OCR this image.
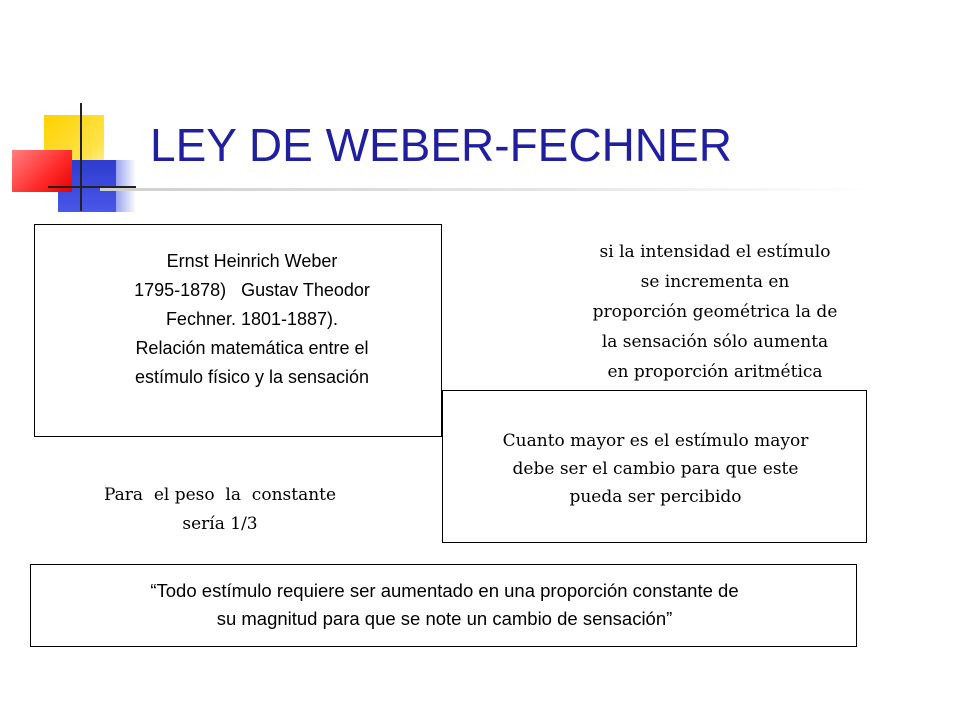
LEY DE WEBER-FECHNER
Ernst Heinrich Weber
1795-1878)   Gustav Theodor
Fechner. 1801-1887).
Relación matemática entre el
estímulo físico y la sensación
si la intensidad el estímulo
se incrementa en
proporción geométrica la de
la sensación sólo aumenta
en proporción aritmética
Cuanto mayor es el estímulo mayor
debe ser el cambio para que este
pueda ser percibido
Para  el peso  la  constante
sería 1/3
“Todo estímulo requiere ser aumentado en una proporción constante de
su magnitud para que se note un cambio de sensación”
